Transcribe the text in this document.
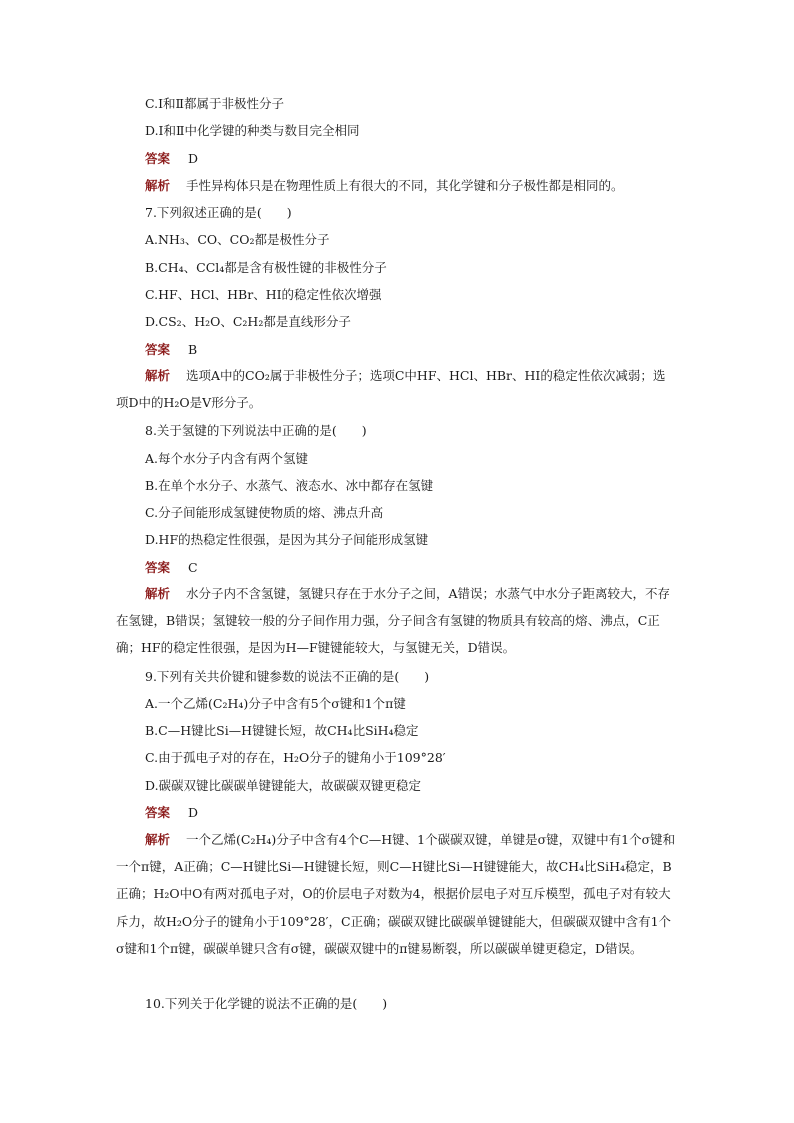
C.Ⅰ和Ⅱ都属于非极性分子
D.Ⅰ和Ⅱ中化学键的种类与数目完全相同
答案 D
解析 手性异构体只是在物理性质上有很大的不同，其化学键和分子极性都是相同的。
7.下列叙述正确的是(　　)
A.NH₃、CO、CO₂都是极性分子
B.CH₄、CCl₄都是含有极性键的非极性分子
C.HF、HCl、HBr、HI的稳定性依次增强
D.CS₂、H₂O、C₂H₂都是直线形分子
答案 B
解析 选项A中的CO₂属于非极性分子；选项C中HF、HCl、HBr、HI的稳定性依次减弱；选项D中的H₂O是V形分子。
8.关于氢键的下列说法中正确的是(　　)
A.每个水分子内含有两个氢键
B.在单个水分子、水蒸气、液态水、冰中都存在氢键
C.分子间能形成氢键使物质的熔、沸点升高
D.HF的热稳定性很强，是因为其分子间能形成氢键
答案 C
解析 水分子内不含氢键，氢键只存在于水分子之间，A错误；水蒸气中水分子距离较大，不存在氢键，B错误；氢键较一般的分子间作用力强，分子间含有氢键的物质具有较高的熔、沸点，C正确；HF的稳定性很强，是因为H—F键键能较大，与氢键无关，D错误。
9.下列有关共价键和键参数的说法不正确的是(　　)
A.一个乙烯(C₂H₄)分子中含有5个σ键和1个π键
B.C—H键比Si—H键键长短，故CH₄比SiH₄稳定
C.由于孤电子对的存在，H₂O分子的键角小于109°28′
D.碳碳双键比碳碳单键键能大，故碳碳双键更稳定
答案 D
解析 一个乙烯(C₂H₄)分子中含有4个C—H键、1个碳碳双键，单键是σ键，双键中有1个σ键和一个π键，A正确；C—H键比Si—H键键长短，则C—H键比Si—H键键能大，故CH₄比SiH₄稳定，B正确；H₂O中O有两对孤电子对，O的价层电子对数为4，根据价层电子对互斥模型，孤电子对有较大斥力，故H₂O分子的键角小于109°28′，C正确；碳碳双键比碳碳单键键能大，但碳碳双键中含有1个σ键和1个π键，碳碳单键只含有σ键，碳碳双键中的π键易断裂，所以碳碳单键更稳定，D错误。
10.下列关于化学键的说法不正确的是(　　)
